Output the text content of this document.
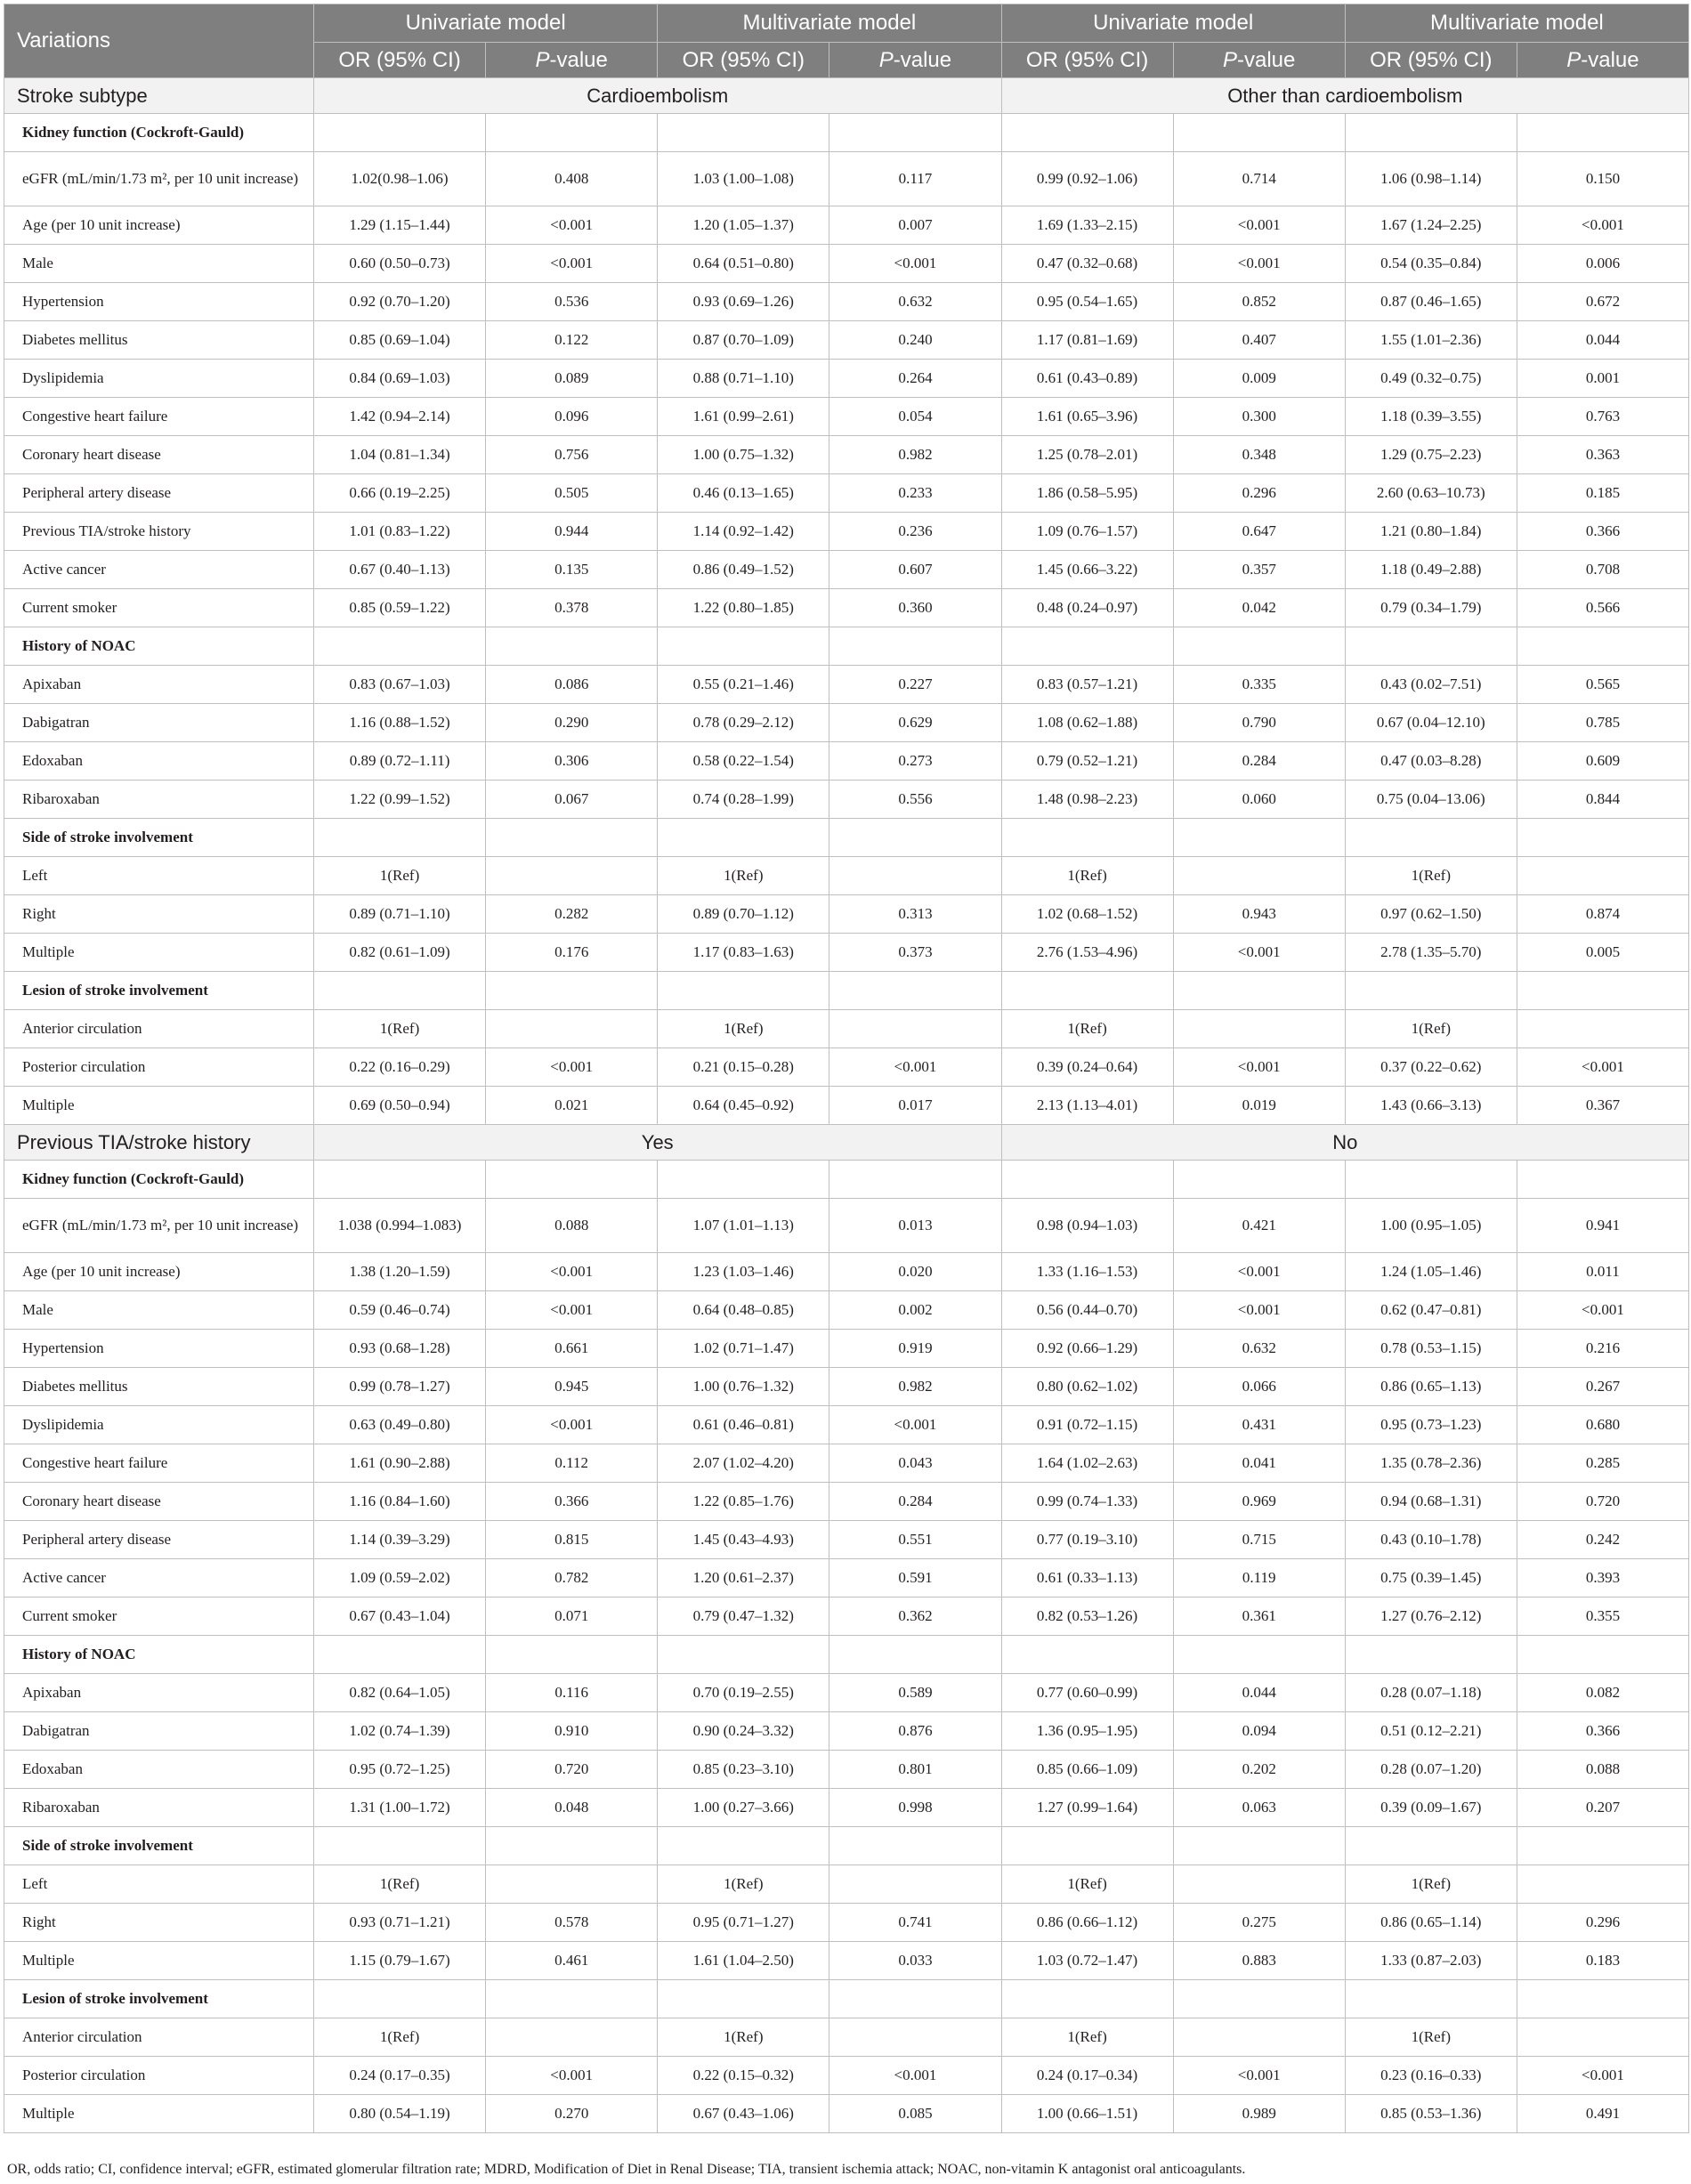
Variations	Univariate model		Multivariate model		Univariate model		Multivariate model	
	OR (95% CI)	P-value	OR (95% CI)	P-value	OR (95% CI)	P-value	OR (95% CI)	P-value
Stroke subtype	Cardioembolism				Other than cardioembolism			
Kidney function (Cockroft-Gauld)								
eGFR (mL/min/1.73 m², per 10 unit increase)	1.02(0.98–1.06)	0.408	1.03 (1.00–1.08)	0.117	0.99 (0.92–1.06)	0.714	1.06 (0.98–1.14)	0.150
Age (per 10 unit increase)	1.29 (1.15–1.44)	<0.001	1.20 (1.05–1.37)	0.007	1.69 (1.33–2.15)	<0.001	1.67 (1.24–2.25)	<0.001
Male	0.60 (0.50–0.73)	<0.001	0.64 (0.51–0.80)	<0.001	0.47 (0.32–0.68)	<0.001	0.54 (0.35–0.84)	0.006
Hypertension	0.92 (0.70–1.20)	0.536	0.93 (0.69–1.26)	0.632	0.95 (0.54–1.65)	0.852	0.87 (0.46–1.65)	0.672
Diabetes mellitus	0.85 (0.69–1.04)	0.122	0.87 (0.70–1.09)	0.240	1.17 (0.81–1.69)	0.407	1.55 (1.01–2.36)	0.044
Dyslipidemia	0.84 (0.69–1.03)	0.089	0.88 (0.71–1.10)	0.264	0.61 (0.43–0.89)	0.009	0.49 (0.32–0.75)	0.001
Congestive heart failure	1.42 (0.94–2.14)	0.096	1.61 (0.99–2.61)	0.054	1.61 (0.65–3.96)	0.300	1.18 (0.39–3.55)	0.763
Coronary heart disease	1.04 (0.81–1.34)	0.756	1.00 (0.75–1.32)	0.982	1.25 (0.78–2.01)	0.348	1.29 (0.75–2.23)	0.363
Peripheral artery disease	0.66 (0.19–2.25)	0.505	0.46 (0.13–1.65)	0.233	1.86 (0.58–5.95)	0.296	2.60 (0.63–10.73)	0.185
Previous TIA/stroke history	1.01 (0.83–1.22)	0.944	1.14 (0.92–1.42)	0.236	1.09 (0.76–1.57)	0.647	1.21 (0.80–1.84)	0.366
Active cancer	0.67 (0.40–1.13)	0.135	0.86 (0.49–1.52)	0.607	1.45 (0.66–3.22)	0.357	1.18 (0.49–2.88)	0.708
Current smoker	0.85 (0.59–1.22)	0.378	1.22 (0.80–1.85)	0.360	0.48 (0.24–0.97)	0.042	0.79 (0.34–1.79)	0.566
History of NOAC								
Apixaban	0.83 (0.67–1.03)	0.086	0.55 (0.21–1.46)	0.227	0.83 (0.57–1.21)	0.335	0.43 (0.02–7.51)	0.565
Dabigatran	1.16 (0.88–1.52)	0.290	0.78 (0.29–2.12)	0.629	1.08 (0.62–1.88)	0.790	0.67 (0.04–12.10)	0.785
Edoxaban	0.89 (0.72–1.11)	0.306	0.58 (0.22–1.54)	0.273	0.79 (0.52–1.21)	0.284	0.47 (0.03–8.28)	0.609
Ribaroxaban	1.22 (0.99–1.52)	0.067	0.74 (0.28–1.99)	0.556	1.48 (0.98–2.23)	0.060	0.75 (0.04–13.06)	0.844
Side of stroke involvement								
Left	1(Ref)		1(Ref)		1(Ref)		1(Ref)	
Right	0.89 (0.71–1.10)	0.282	0.89 (0.70–1.12)	0.313	1.02 (0.68–1.52)	0.943	0.97 (0.62–1.50)	0.874
Multiple	0.82 (0.61–1.09)	0.176	1.17 (0.83–1.63)	0.373	2.76 (1.53–4.96)	<0.001	2.78 (1.35–5.70)	0.005
Lesion of stroke involvement								
Anterior circulation	1(Ref)		1(Ref)		1(Ref)		1(Ref)	
Posterior circulation	0.22 (0.16–0.29)	<0.001	0.21 (0.15–0.28)	<0.001	0.39 (0.24–0.64)	<0.001	0.37 (0.22–0.62)	<0.001
Multiple	0.69 (0.50–0.94)	0.021	0.64 (0.45–0.92)	0.017	2.13 (1.13–4.01)	0.019	1.43 (0.66–3.13)	0.367
Previous TIA/stroke history	Yes				No			
Kidney function (Cockroft-Gauld)								
eGFR (mL/min/1.73 m², per 10 unit increase)	1.038 (0.994–1.083)	0.088	1.07 (1.01–1.13)	0.013	0.98 (0.94–1.03)	0.421	1.00 (0.95–1.05)	0.941
Age (per 10 unit increase)	1.38 (1.20–1.59)	<0.001	1.23 (1.03–1.46)	0.020	1.33 (1.16–1.53)	<0.001	1.24 (1.05–1.46)	0.011
Male	0.59 (0.46–0.74)	<0.001	0.64 (0.48–0.85)	0.002	0.56 (0.44–0.70)	<0.001	0.62 (0.47–0.81)	<0.001
Hypertension	0.93 (0.68–1.28)	0.661	1.02 (0.71–1.47)	0.919	0.92 (0.66–1.29)	0.632	0.78 (0.53–1.15)	0.216
Diabetes mellitus	0.99 (0.78–1.27)	0.945	1.00 (0.76–1.32)	0.982	0.80 (0.62–1.02)	0.066	0.86 (0.65–1.13)	0.267
Dyslipidemia	0.63 (0.49–0.80)	<0.001	0.61 (0.46–0.81)	<0.001	0.91 (0.72–1.15)	0.431	0.95 (0.73–1.23)	0.680
Congestive heart failure	1.61 (0.90–2.88)	0.112	2.07 (1.02–4.20)	0.043	1.64 (1.02–2.63)	0.041	1.35 (0.78–2.36)	0.285
Coronary heart disease	1.16 (0.84–1.60)	0.366	1.22 (0.85–1.76)	0.284	0.99 (0.74–1.33)	0.969	0.94 (0.68–1.31)	0.720
Peripheral artery disease	1.14 (0.39–3.29)	0.815	1.45 (0.43–4.93)	0.551	0.77 (0.19–3.10)	0.715	0.43 (0.10–1.78)	0.242
Active cancer	1.09 (0.59–2.02)	0.782	1.20 (0.61–2.37)	0.591	0.61 (0.33–1.13)	0.119	0.75 (0.39–1.45)	0.393
Current smoker	0.67 (0.43–1.04)	0.071	0.79 (0.47–1.32)	0.362	0.82 (0.53–1.26)	0.361	1.27 (0.76–2.12)	0.355
History of NOAC								
Apixaban	0.82 (0.64–1.05)	0.116	0.70 (0.19–2.55)	0.589	0.77 (0.60–0.99)	0.044	0.28 (0.07–1.18)	0.082
Dabigatran	1.02 (0.74–1.39)	0.910	0.90 (0.24–3.32)	0.876	1.36 (0.95–1.95)	0.094	0.51 (0.12–2.21)	0.366
Edoxaban	0.95 (0.72–1.25)	0.720	0.85 (0.23–3.10)	0.801	0.85 (0.66–1.09)	0.202	0.28 (0.07–1.20)	0.088
Ribaroxaban	1.31 (1.00–1.72)	0.048	1.00 (0.27–3.66)	0.998	1.27 (0.99–1.64)	0.063	0.39 (0.09–1.67)	0.207
Side of stroke involvement								
Left	1(Ref)		1(Ref)		1(Ref)		1(Ref)	
Right	0.93 (0.71–1.21)	0.578	0.95 (0.71–1.27)	0.741	0.86 (0.66–1.12)	0.275	0.86 (0.65–1.14)	0.296
Multiple	1.15 (0.79–1.67)	0.461	1.61 (1.04–2.50)	0.033	1.03 (0.72–1.47)	0.883	1.33 (0.87–2.03)	0.183
Lesion of stroke involvement								
Anterior circulation	1(Ref)		1(Ref)		1(Ref)		1(Ref)	
Posterior circulation	0.24 (0.17–0.35)	<0.001	0.22 (0.15–0.32)	<0.001	0.24 (0.17–0.34)	<0.001	0.23 (0.16–0.33)	<0.001
Multiple	0.80 (0.54–1.19)	0.270	0.67 (0.43–1.06)	0.085	1.00 (0.66–1.51)	0.989	0.85 (0.53–1.36)	0.491
OR, odds ratio; CI, confidence interval; eGFR, estimated glomerular filtration rate; MDRD, Modification of Diet in Renal Disease; TIA, transient ischemia attack; NOAC, non-vitamin K antagonist oral anticoagulants.
